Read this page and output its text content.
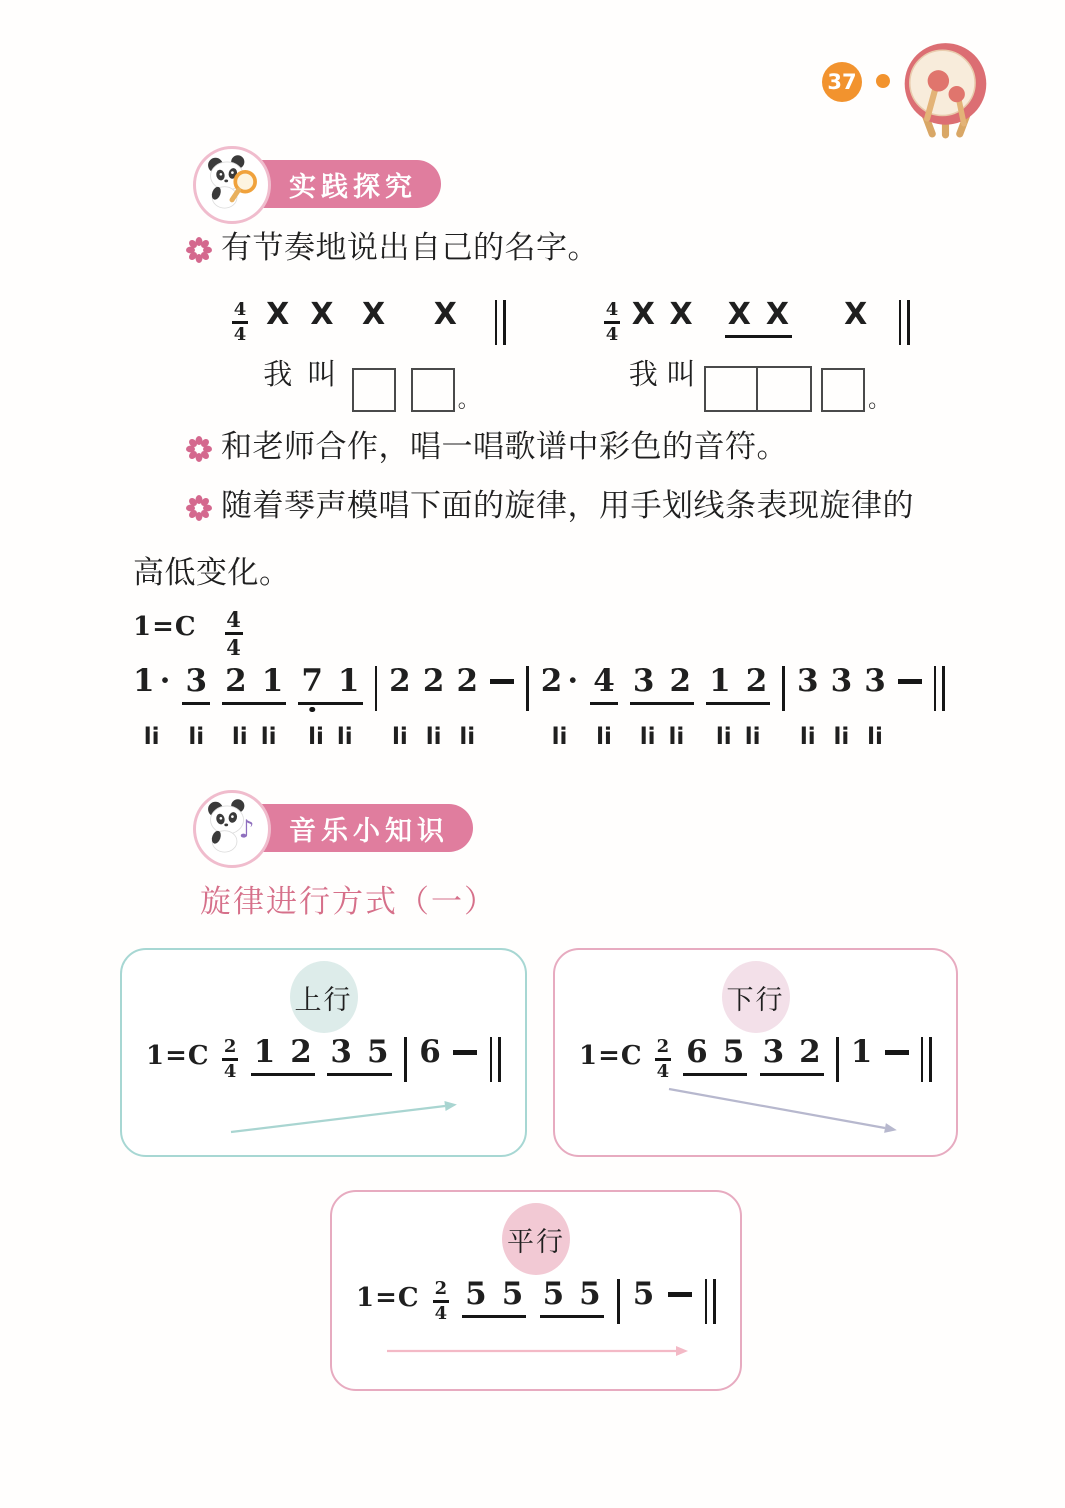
37
实践探究
有节奏地说出自己的名字。
4
4
X
我
X
叫
X X
。
4
4
X
我
X
叫
X X X
。
和老师合作，唱一唱歌谱中彩色的音符。
随着琴声模唱下面的旋律，用手划线条表现旋律的
高低变化。
$1=C \frac{4}{4}$
1 ·
li
3
li
2 1
li li
7 1
li li
2
li
2
li
2
li
2 ·
li
4
li
3 2
li li
1 2
li li
3
li
3
li
3
li
音乐小知识
♪
旋律进行方式（一）
上行
1=C 2
4
1 2 3 5 6
下行
1=C 2
4
6 5 3 2 1
平行
1=C 2
4
5 5 5 5 5
